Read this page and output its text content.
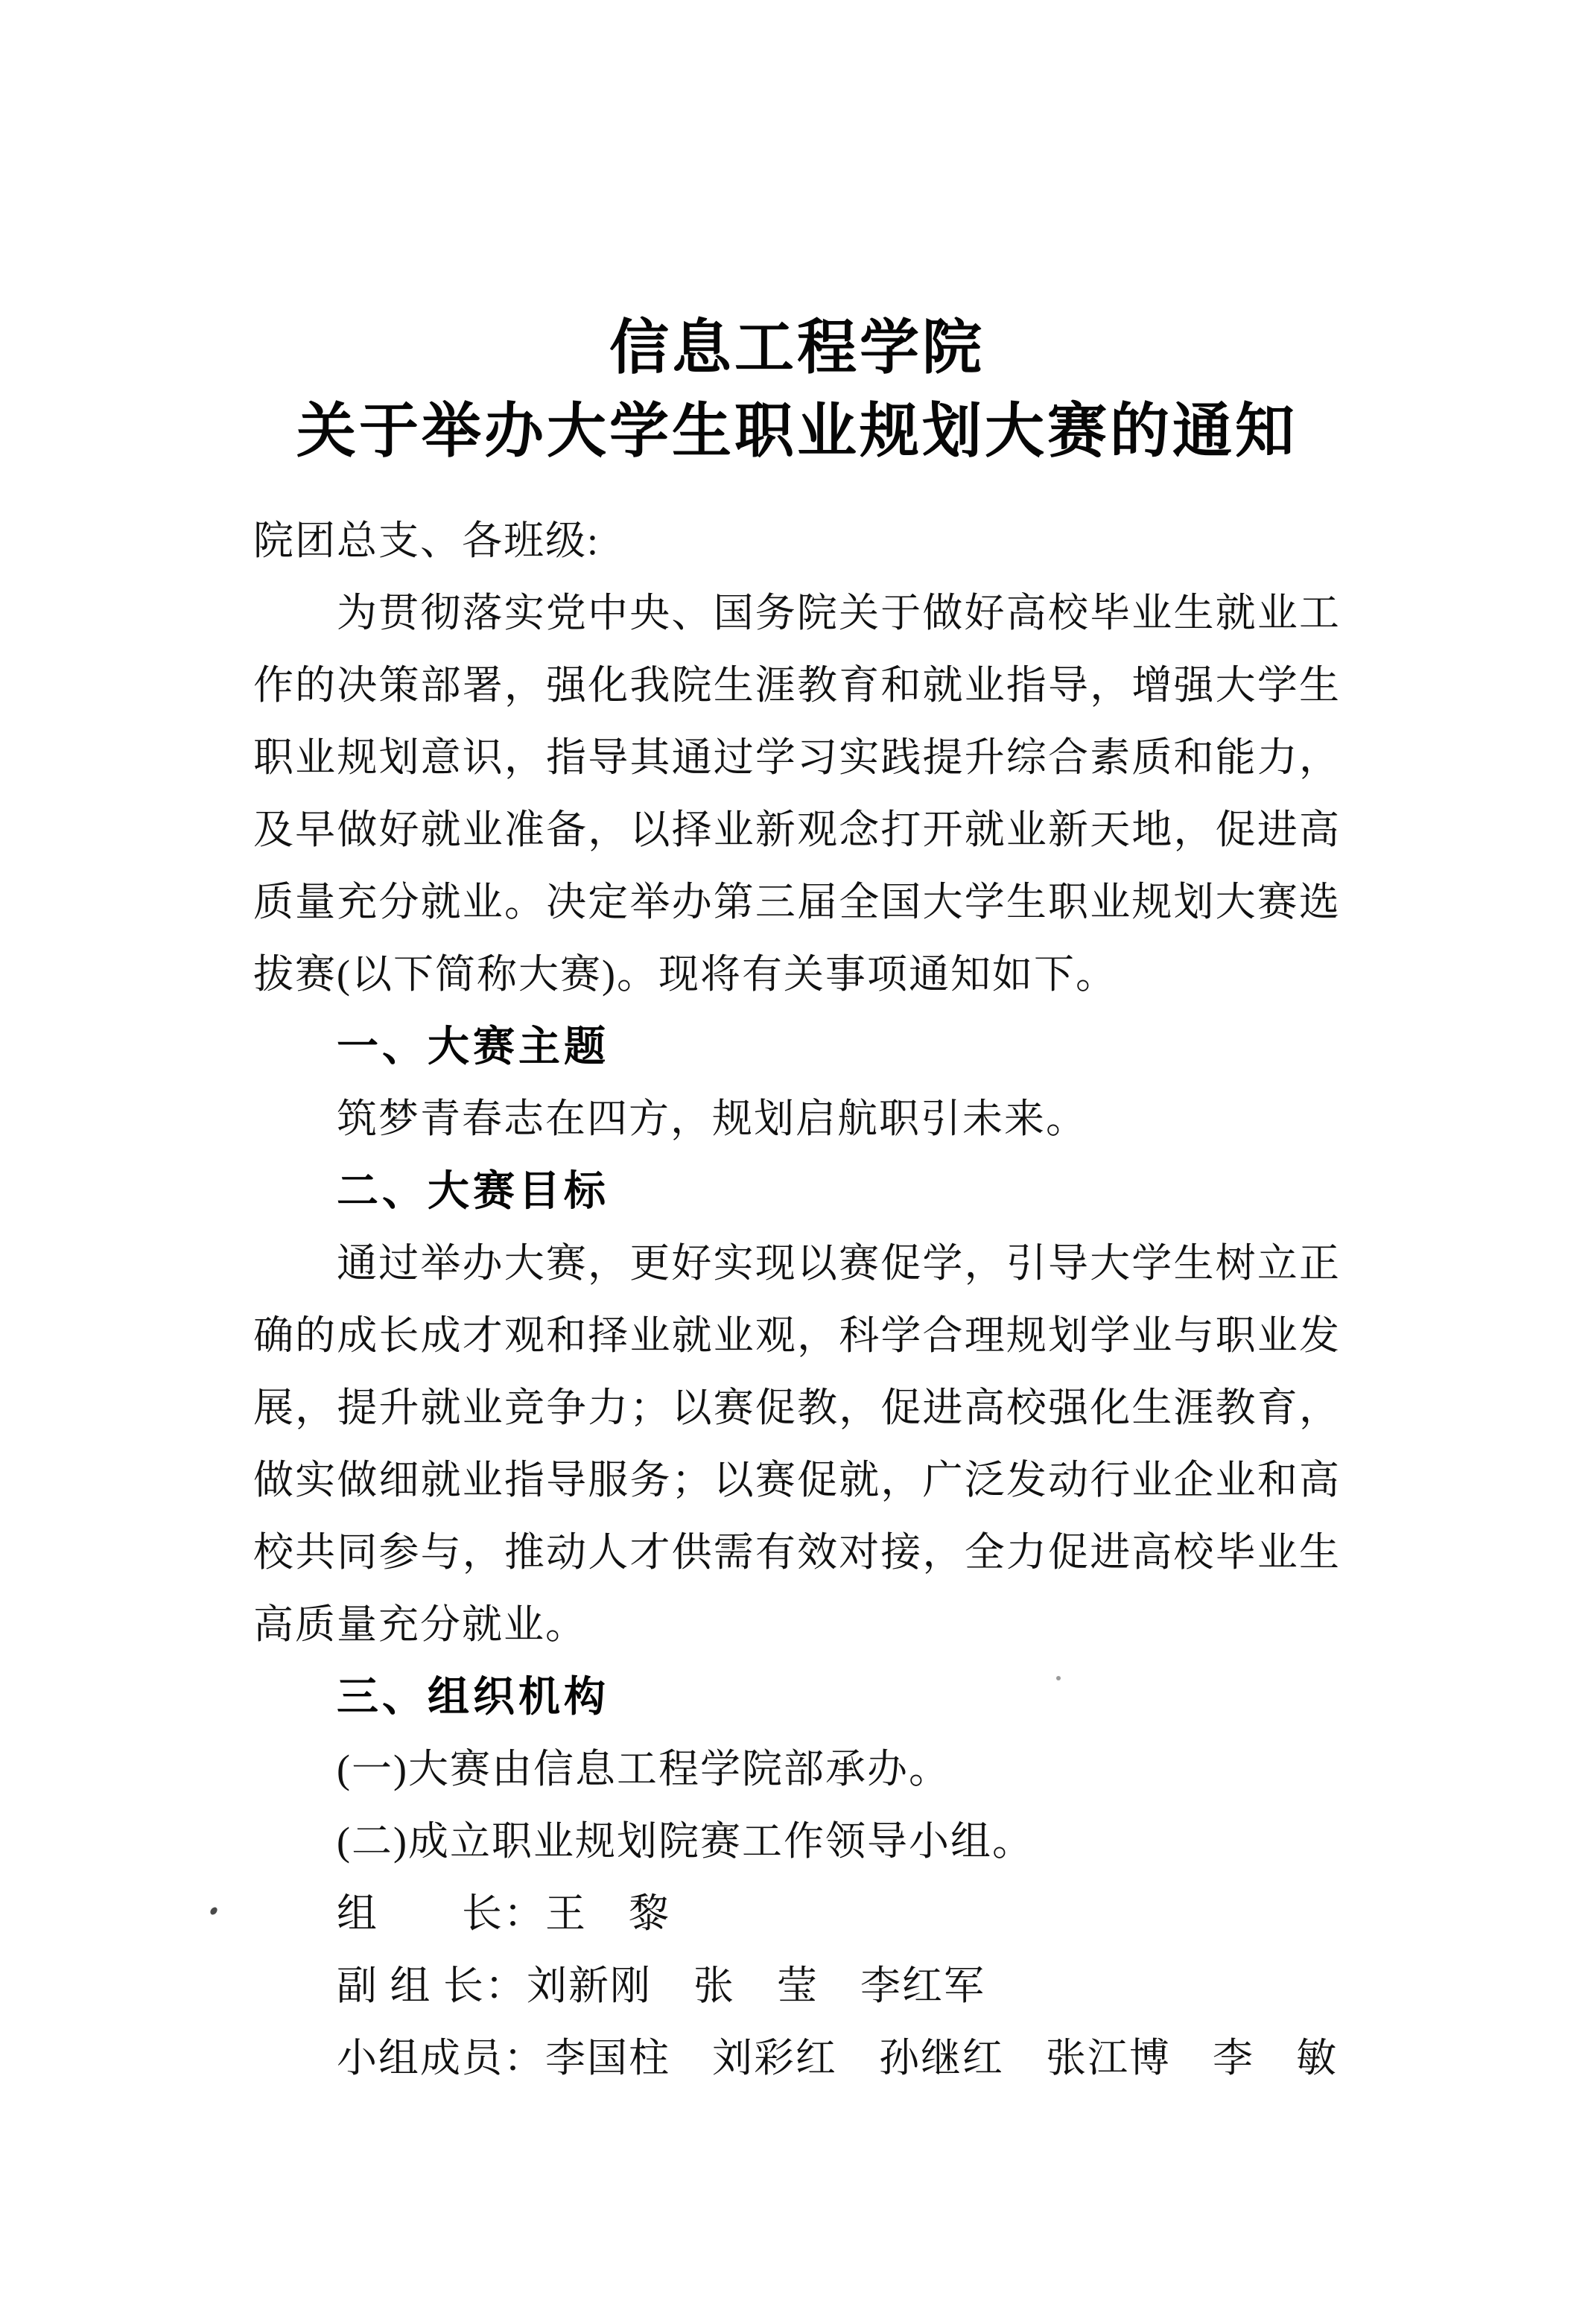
信息工程学院
关于举办大学生职业规划大赛的通知
院团总支、各班级:
为贯彻落实党中央、国务院关于做好高校毕业生就业工
作的决策部署，强化我院生涯教育和就业指导，增强大学生
职业规划意识，指导其通过学习实践提升综合素质和能力，
及早做好就业准备，以择业新观念打开就业新天地，促进高
质量充分就业。决定举办第三届全国大学生职业规划大赛选
拔赛(以下简称大赛)。现将有关事项通知如下。
一、大赛主题
筑梦青春志在四方，规划启航职引未来。
二、大赛目标
通过举办大赛，更好实现以赛促学，引导大学生树立正
确的成长成才观和择业就业观，科学合理规划学业与职业发
展，提升就业竞争力；以赛促教，促进高校强化生涯教育，
做实做细就业指导服务；以赛促就，广泛发动行业企业和高
校共同参与，推动人才供需有效对接，全力促进高校毕业生
高质量充分就业。
三、组织机构
(一)大赛由信息工程学院部承办。
(二)成立职业规划院赛工作领导小组。
组　　长：王　黎
副 组 长：刘新刚　张　莹　李红军
小组成员：李国柱　刘彩红　孙继红　张江博　李　敏
